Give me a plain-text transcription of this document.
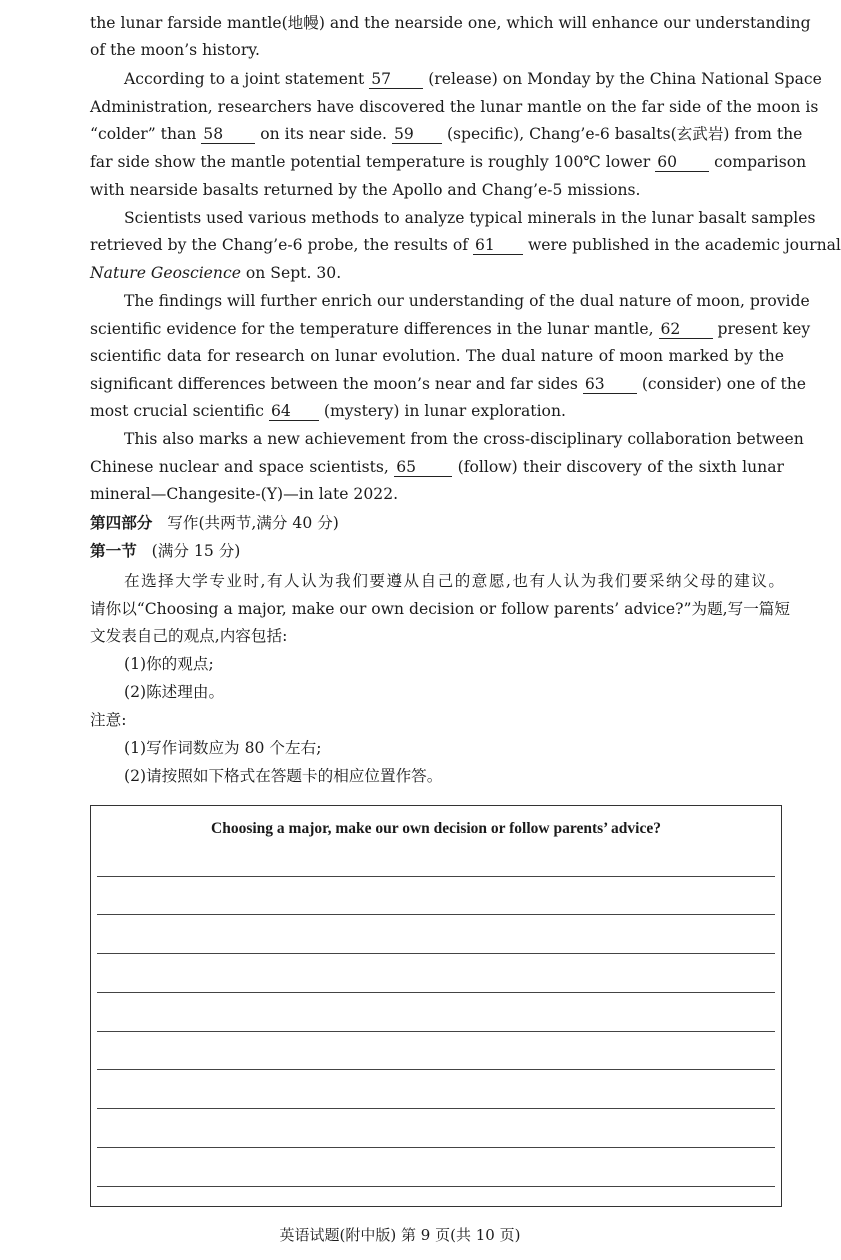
the lunar farside mantle(地幔) and the nearside one, which will enhance our understanding
of the moon’s history.
According to a joint statement 57 (release) on Monday by the China National Space
Administration, researchers have discovered the lunar mantle on the far side of the moon is
“colder” than 58 on its near side. 59 (specific), Chang’e-6 basalts(玄武岩) from the
far side show the mantle potential temperature is roughly 100℃ lower 60 comparison
with nearside basalts returned by the Apollo and Chang’e-5 missions.
Scientists used various methods to analyze typical minerals in the lunar basalt samples
retrieved by the Chang’e-6 probe, the results of 61 were published in the academic journal
Nature Geoscience on Sept. 30.
The findings will further enrich our understanding of the dual nature of moon, provide
scientific evidence for the temperature differences in the lunar mantle, 62 present key
scientific data for research on lunar evolution. The dual nature of moon marked by the
significant differences between the moon’s near and far sides 63 (consider) one of the
most crucial scientific 64 (mystery) in lunar exploration.
This also marks a new achievement from the cross-disciplinary collaboration between
Chinese nuclear and space scientists, 65	(follow) their discovery of the sixth lunar
mineral—Changesite-(Y)—in late 2022.
第四部分 写作(共两节,满分 40 分)
第一节 (满分 15 分)
在选择大学专业时,有人认为我们要遵从自己的意愿,也有人认为我们要采纳父母的建议。
请你以“Choosing a major, make our own decision or follow parents’ advice?”为题,写一篇短
文发表自己的观点,内容包括:
(1)你的观点;
(2)陈述理由。
注意:
(1)写作词数应为 80 个左右;
(2)请按照如下格式在答题卡的相应位置作答。
Choosing a major, make our own decision or follow parents’ advice?
英语试题(附中版) 第 9 页(共 10 页)
